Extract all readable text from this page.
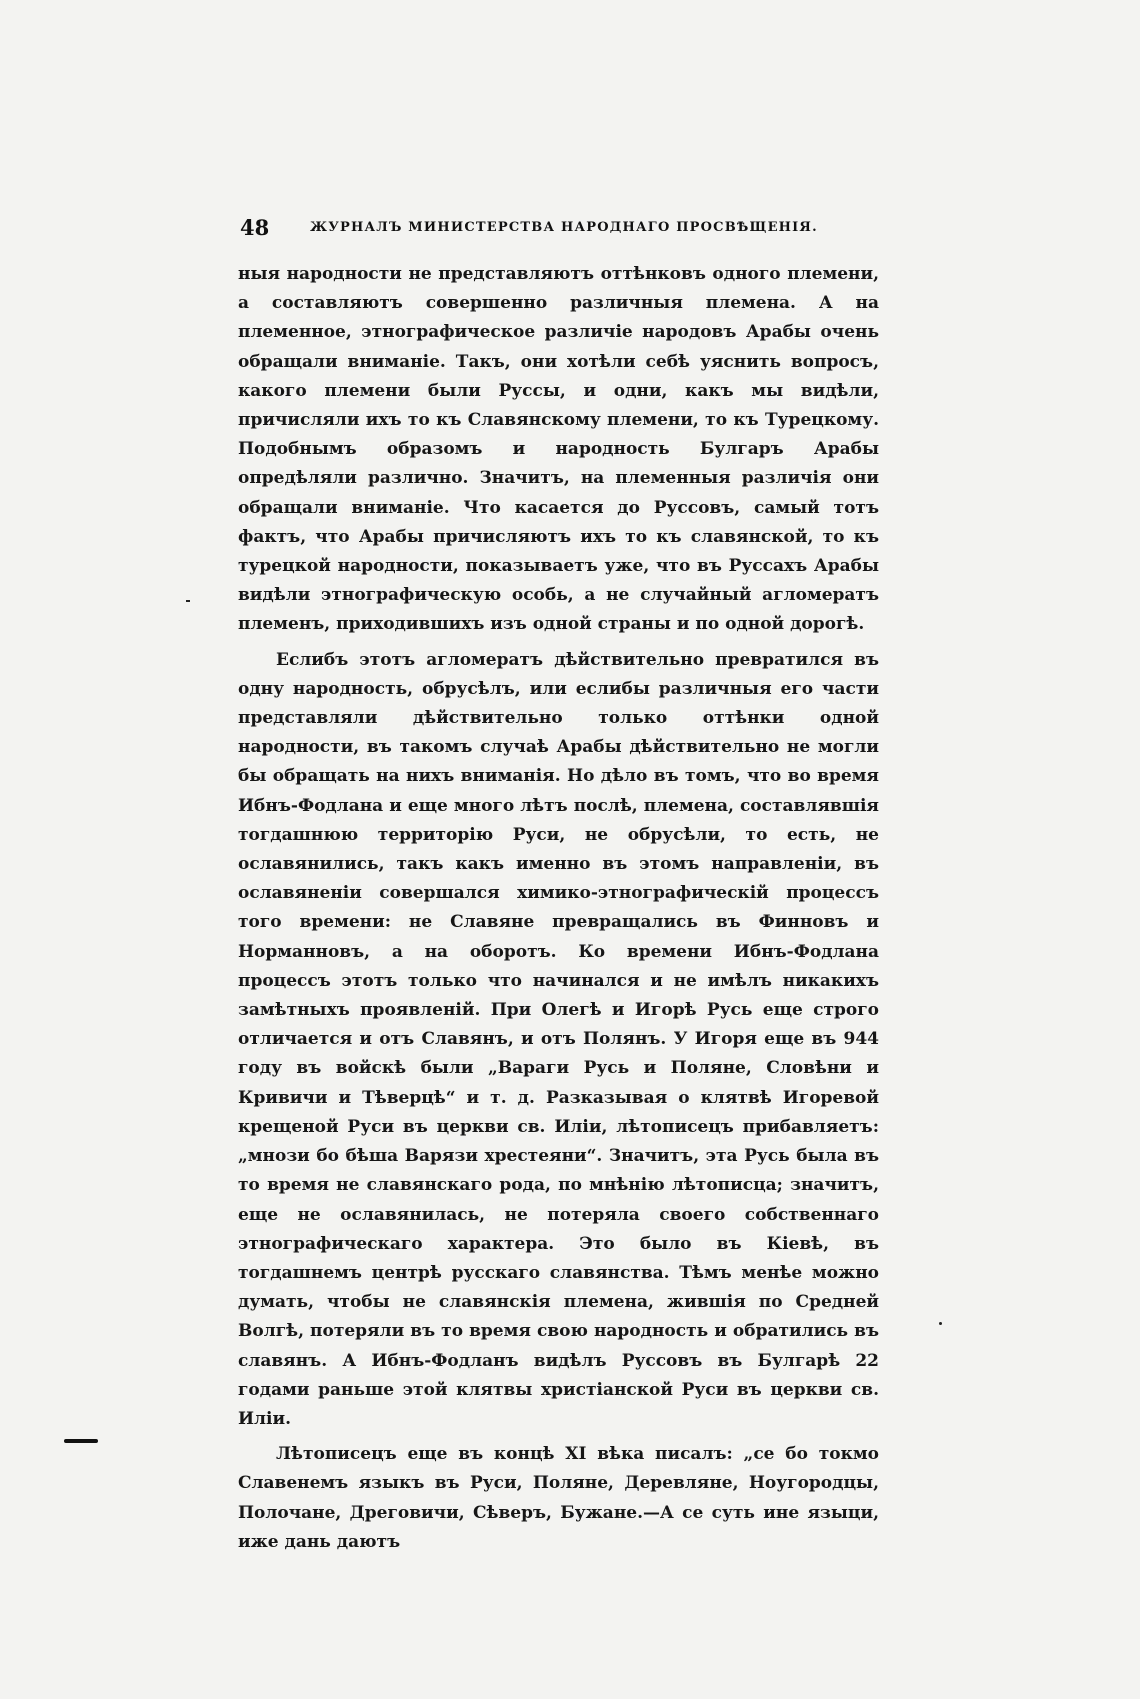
48	ЖУРНАЛЪ МИНИСТЕРСТВА НАРОДНАГО ПРОСВѢЩЕНІЯ.

ныя народности не представляютъ оттѣнковъ одного племени, а составляютъ совершенно различныя племена. А на племенное, этнографическое различіе народовъ Арабы очень обращали вниманіе. Такъ, они хотѣли себѣ уяснить вопросъ, какого племени были Руссы, и одни, какъ мы видѣли, причисляли ихъ то къ Славянскому племени, то къ Турецкому. Подобнымъ образомъ и народность Булгаръ Арабы опредѣляли различно. Значитъ, на племенныя различія они обращали вниманіе. Что касается до Руссовъ, самый тотъ фактъ, что Арабы причисляютъ ихъ то къ славянской, то къ турецкой народности, показываетъ уже, что въ Руссахъ Арабы видѣли этнографическую особь, а не случайный агломератъ племенъ, приходившихъ изъ одной страны и по одной дорогѣ.

Еслибъ этотъ агломератъ дѣйствительно превратился въ одну народность, обрусѣлъ, или еслибы различныя его части представляли дѣйствительно только оттѣнки одной народности, въ такомъ случаѣ Арабы дѣйствительно не могли бы обращать на нихъ вниманія. Но дѣло въ томъ, что во время Ибнъ-Фодлана и еще много лѣтъ послѣ, племена, составлявшія тогдашнюю территорію Руси, не обрусѣли, то есть, не ославянились, такъ какъ именно въ этомъ направленіи, въ ославяненіи совершался химико-этнографическій процессъ того времени: не Славяне превращались въ Финновъ и Норманновъ, а на оборотъ. Ко времени Ибнъ-Фодлана процессъ этотъ только что начинался и не имѣлъ никакихъ замѣтныхъ проявленій. При Олегѣ и Игорѣ Русь еще строго отличается и отъ Славянъ, и отъ Полянъ. У Игоря еще въ 944 году въ войскѣ были „Вараги Русь и Поляне, Словѣни и Кривичи и Тѣверцѣ“ и т. д. Разказывая о клятвѣ Игоревой крещеной Руси въ церкви св. Иліи, лѣтописецъ прибавляетъ: „мнози бо бѣша Варязи хрестеяни“. Значитъ, эта Русь была въ то время не славянскаго рода, по мнѣнію лѣтописца; значитъ, еще не ославянилась, не потеряла своего собственнаго этнографическаго характера. Это было въ Кіевѣ, въ тогдашнемъ центрѣ русскаго славянства. Тѣмъ менѣе можно думать, чтобы не славянскія племена, жившія по Средней Волгѣ, потеряли въ то время свою народность и обратились въ славянъ. А Ибнъ-Фодланъ видѣлъ Руссовъ въ Булгарѣ 22 годами раньше этой клятвы христіанской Руси въ церкви св. Иліи.

Лѣтописецъ еще въ концѣ XI вѣка писалъ: „се бо токмо Славенемъ языкъ въ Руси, Поляне, Деревляне, Ноугородцы, Полочане, Дреговичи, Сѣверъ, Бужане.—А се суть ине языци, иже дань даютъ
